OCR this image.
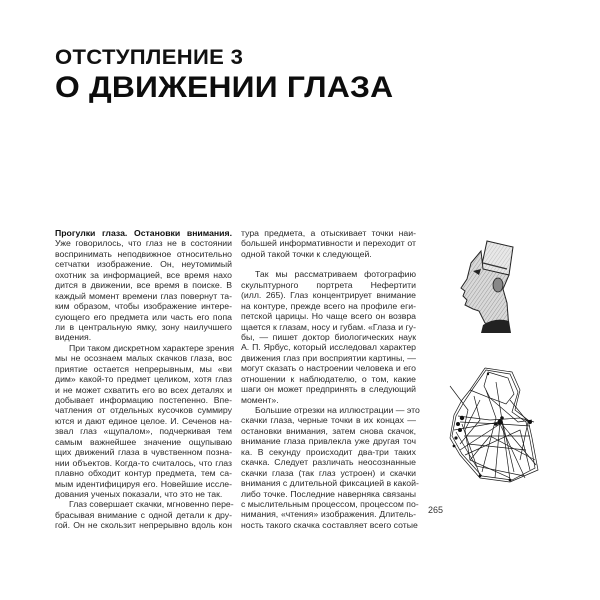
ОТСТУПЛЕНИЕ 3
О ДВИЖЕНИИ ГЛАЗА
Прогулки глаза. Остановки внимания.
Уже говорилось, что глаз не в состоянии
воспринимать неподвижное относительно
сетчатки изображение. Он, неутомимый
охотник за информацией, все время нахо
дится в движении, все время в поиске. В
каждый момент времени глаз повернут та-
ким образом, чтобы изображение интере-
сующего его предмета или часть его попа
ли в центральную ямку, зону наилучшего
видения.
При таком дискретном характере зрения
мы не осознаем малых скачков глаза, вос
приятие остается непрерывным, мы «ви
дим» какой-то предмет целиком, хотя глаз
и не может схватить его во всех деталях и
добывает информацию постепенно. Впе-
чатления от отдельных кусочков суммиру
ются и дают единое целое. И. Сеченов на-
звал глаз «щупалом», подчеркивая тем
самым важнейшее значение ощупываю
щих движений глаза в чувственном позна-
нии объектов. Когда-то считалось, что глаз
плавно обходит контур предмета, тем са-
мым идентифицируя его. Новейшие иссле-
дования ученых показали, что это не так.
Глаз совершает скачки, мгновенно пере-
брасывая внимание с одной детали к дру-
гой. Он не скользит непрерывно вдоль кон
тура предмета, а отыскивает точки наи-
большей информативности и переходит от
одной такой точки к следующей.
Так мы рассматриваем фотографию
скульптурного портрета Нефертити
(илл. 265). Глаз концентрирует внимание
на контуре, прежде всего на профиле еги-
петской царицы. Но чаще всего он возвра
щается к глазам, носу и губам. «Глаза и гу-
бы, — пишет доктор биологических наук
А. П. Ярбус, который исследовал характер
движения глаз при восприятии картины, —
могут сказать о настроении человека и его
отношении к наблюдателю, о том, какие
шаги он может предпринять в следующий
момент».
Большие отрезки на иллюстрации — это
скачки глаза, черные точки в их концах —
остановки внимания, затем снова скачок,
внимание глаза привлекла уже другая точ
ка. В секунду происходит два-три таких
скачка. Следует различать неосознанные
скачки глаза (так глаз устроен) и скачки
внимания с длительной фиксацией в какой-
либо точке. Последние наверняка связаны
с мыслительным процессом, процессом по-
нимания, «чтения» изображения. Длитель-
ность такого скачка составляет всего сотые
265
